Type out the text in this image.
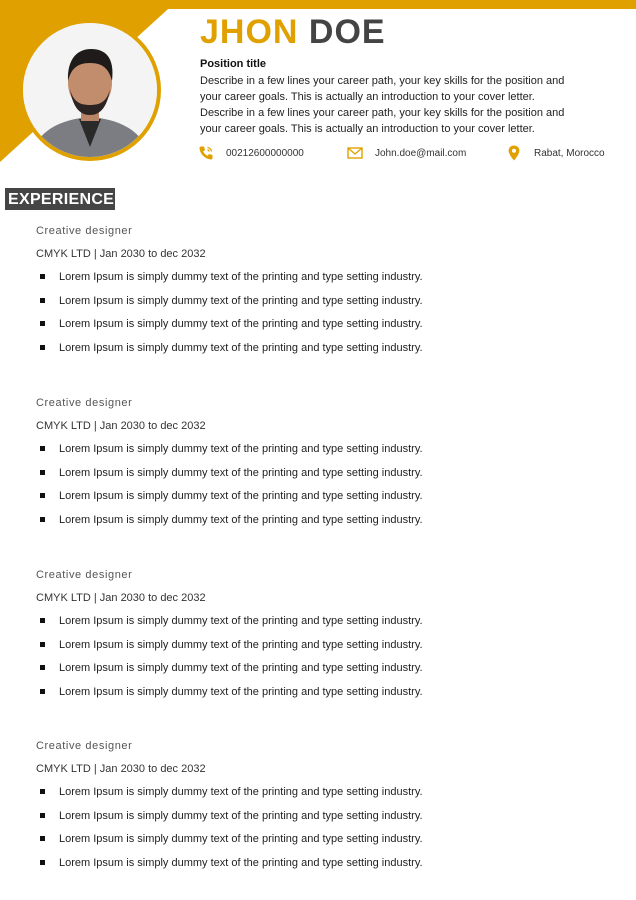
JHON DOE
Position title
Describe in a few lines your career path, your key skills for the position and
your career goals. This is actually an introduction to your cover letter.
Describe in a few lines your career path, your key skills for the position and
your career goals. This is actually an introduction to your cover letter.
00212600000000	John.doe@mail.com	Rabat, Morocco
EXPERIENCE
Creative designer
CMYK LTD | Jan 2030 to dec 2032
Lorem Ipsum is simply dummy text of the printing and type setting industry.
Lorem Ipsum is simply dummy text of the printing and type setting industry.
Lorem Ipsum is simply dummy text of the printing and type setting industry.
Lorem Ipsum is simply dummy text of the printing and type setting industry.
Creative designer
CMYK LTD | Jan 2030 to dec 2032
Lorem Ipsum is simply dummy text of the printing and type setting industry.
Lorem Ipsum is simply dummy text of the printing and type setting industry.
Lorem Ipsum is simply dummy text of the printing and type setting industry.
Lorem Ipsum is simply dummy text of the printing and type setting industry.
Creative designer
CMYK LTD | Jan 2030 to dec 2032
Lorem Ipsum is simply dummy text of the printing and type setting industry.
Lorem Ipsum is simply dummy text of the printing and type setting industry.
Lorem Ipsum is simply dummy text of the printing and type setting industry.
Lorem Ipsum is simply dummy text of the printing and type setting industry.
Creative designer
CMYK LTD | Jan 2030 to dec 2032
Lorem Ipsum is simply dummy text of the printing and type setting industry.
Lorem Ipsum is simply dummy text of the printing and type setting industry.
Lorem Ipsum is simply dummy text of the printing and type setting industry.
Lorem Ipsum is simply dummy text of the printing and type setting industry.
